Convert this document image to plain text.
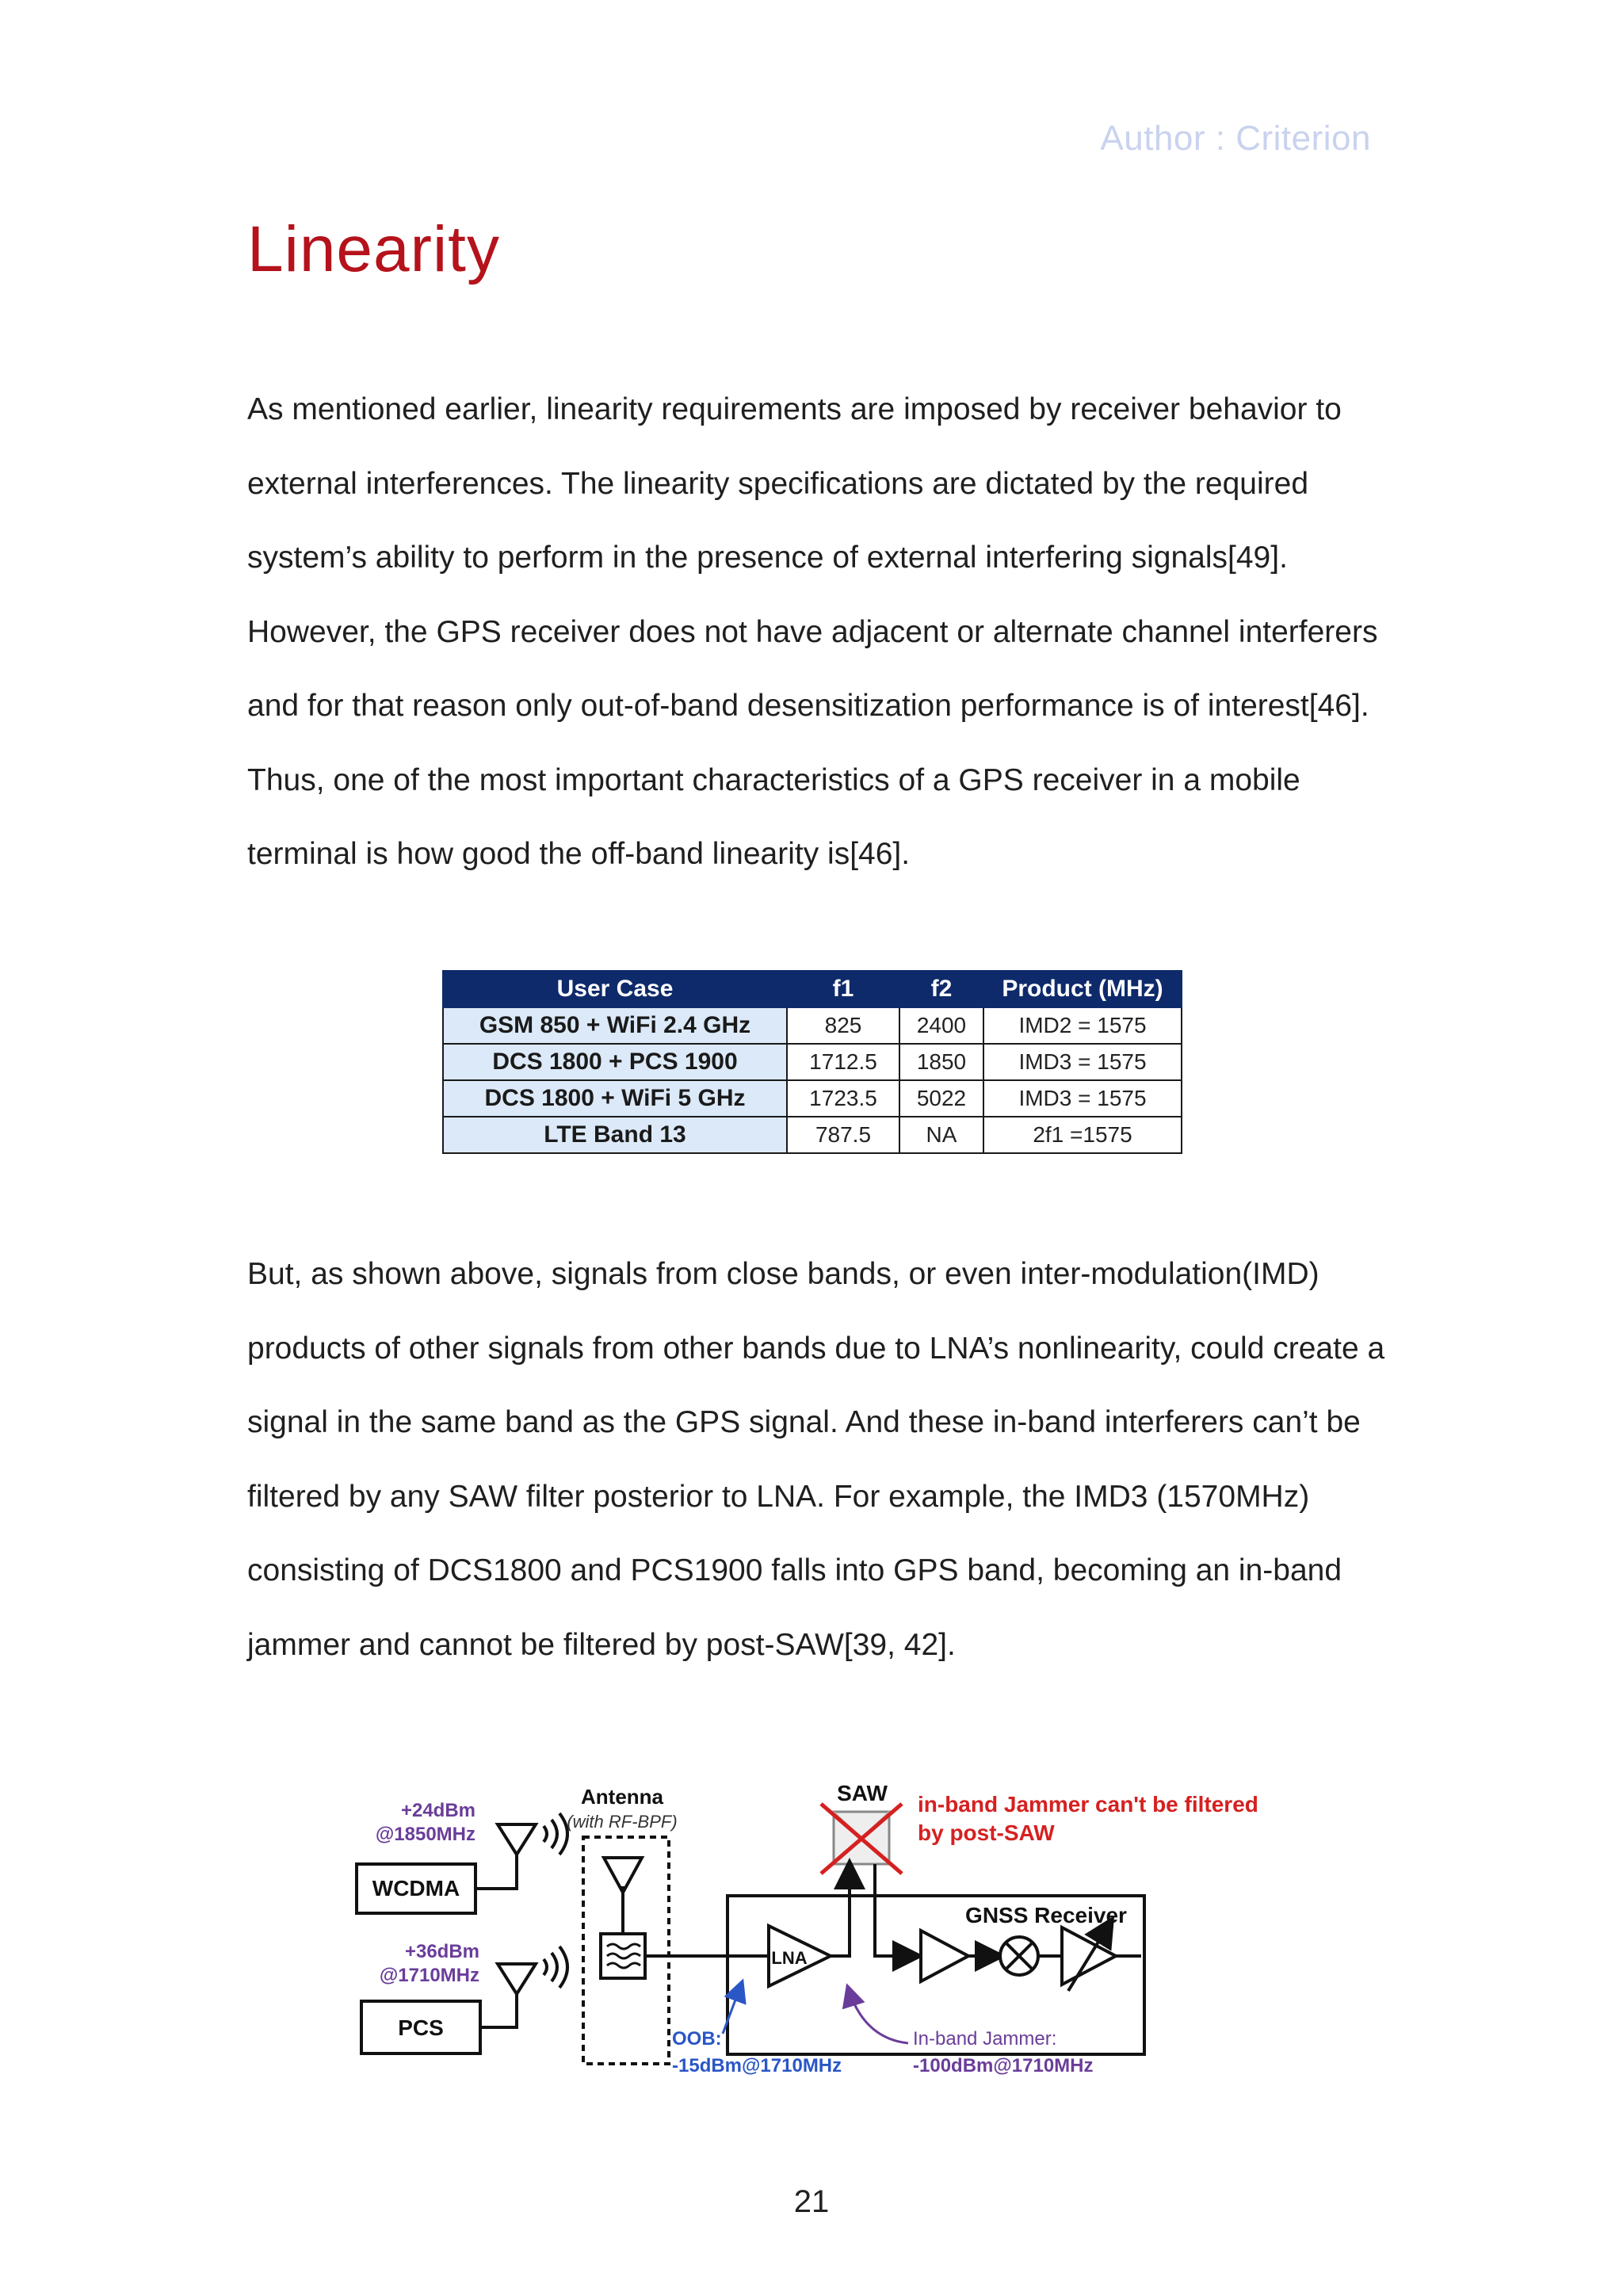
Author : Criterion
Linearity

As mentioned earlier, linearity requirements are imposed by receiver behavior to external interferences. The linearity specifications are dictated by the required system’s ability to perform in the presence of external interfering signals[49]. However, the GPS receiver does not have adjacent or alternate channel interferers and for that reason only out-of-band desensitization performance is of interest[46]. Thus, one of the most important characteristics of a GPS receiver in a mobile terminal is how good the off-band linearity is[46].

User Case	f1	f2	Product (MHz)
GSM 850 + WiFi 2.4 GHz	825	2400	IMD2 = 1575
DCS 1800 + PCS 1900	1712.5	1850	IMD3 = 1575
DCS 1800 + WiFi 5 GHz	1723.5	5022	IMD3 = 1575
LTE Band 13	787.5	NA	2f1 =1575

But, as shown above, signals from close bands, or even inter-modulation(IMD) products of other signals from other bands due to LNA’s nonlinearity, could create a signal in the same band as the GPS signal. And these in-band interferers can’t be filtered by any SAW filter posterior to LNA. For example, the IMD3 (1570MHz) consisting of DCS1800 and PCS1900 falls into GPS band, becoming an in-band jammer and cannot be filtered by post-SAW[39, 42].

+24dBm
@1850MHz
WCDMA
+36dBm
@1710MHz
PCS
Antenna
(with RF-BPF)
SAW in-band Jammer can't be filtered
by post-SAW
GNSS Receiver
LNA
OOB:
-15dBm@1710MHz
In-band Jammer:
-100dBm@1710MHz
21
